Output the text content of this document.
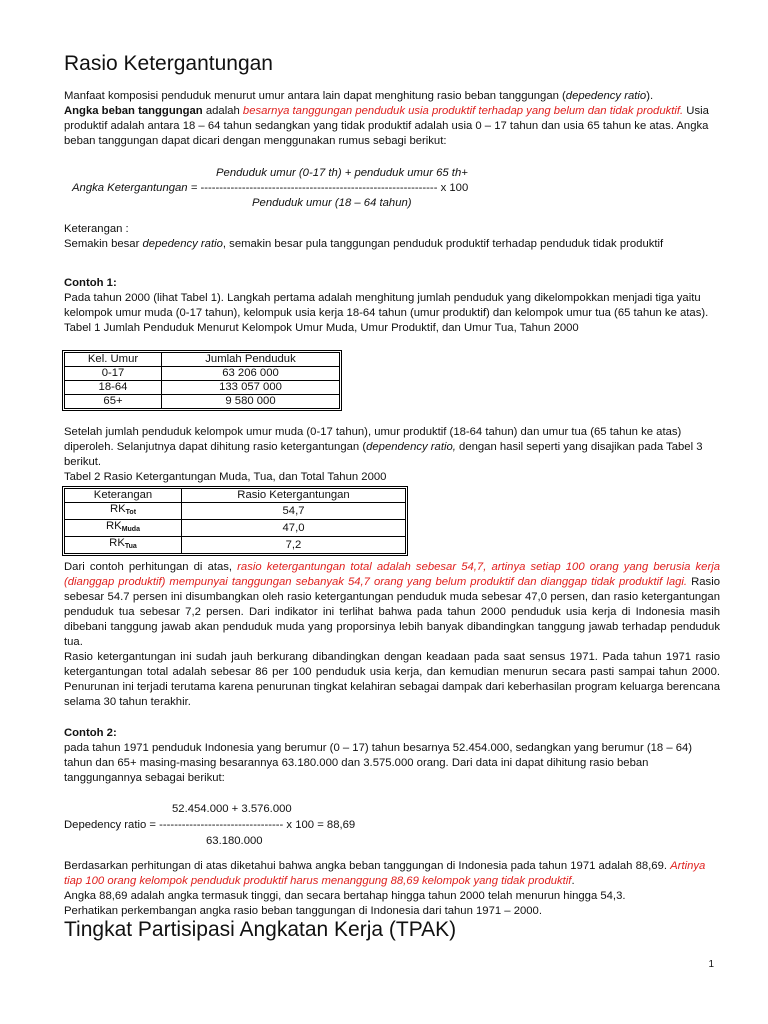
Rasio Ketergantungan

Manfaat komposisi penduduk menurut umur antara lain dapat menghitung rasio beban tanggungan (depedency ratio).

Angka beban tanggungan adalah besarnya tanggungan penduduk usia produktif terhadap yang belum dan tidak produktif. Usia produktif adalah antara 18 – 64 tahun sedangkan yang tidak produktif adalah usia 0 – 17 tahun dan usia 65 tahun ke atas. Angka beban tanggungan dapat dicari dengan menggunakan rumus sebagi berikut:

Penduduk umur (0-17 th) + penduduk umur 65 th+
Angka Ketergantungan = --------------------------------------------------------------- x 100
Penduduk umur (18 – 64 tahun)

Keterangan :

Semakin besar depedency ratio, semakin besar pula tanggungan penduduk produktif terhadap penduduk tidak produktif

Contoh 1:

Pada tahun 2000 (lihat Tabel 1). Langkah pertama adalah menghitung jumlah penduduk yang dikelompokkan menjadi tiga yaitu kelompok umur muda (0-17 tahun), kelompuk usia kerja 18-64 tahun (umur produktif) dan kelompok umur tua (65 tahun ke atas).

Tabel 1 Jumlah Penduduk Menurut Kelompok Umur Muda, Umur Produktif, dan Umur Tua, Tahun 2000

Kel. Umur	Jumlah Penduduk
0-17	63 206 000
18-64	133 057 000
65+	9 580 000

Setelah jumlah penduduk kelompok umur muda (0-17 tahun), umur produktif (18-64 tahun) dan umur tua (65 tahun ke atas) diperoleh. Selanjutnya dapat dihitung rasio ketergantungan (dependency ratio, dengan hasil seperti yang disajikan pada Tabel 3 berikut.

Tabel 2 Rasio Ketergantungan Muda, Tua, dan Total Tahun 2000

Keterangan	Rasio Ketergantungan
$RK_{Tot}$	54,7
$RK_{Muda}$	47,0
$RK_{Tua}$	7,2

Dari contoh perhitungan di atas, rasio ketergantungan total adalah sebesar 54,7, artinya setiap 100 orang yang berusia kerja (dianggap produktif) mempunyai tanggungan sebanyak 54,7 orang yang belum produktif dan dianggap tidak produktif lagi. Rasio sebesar 54.7 persen ini disumbangkan oleh rasio ketergantungan penduduk muda sebesar 47,0 persen, dan rasio ketergantungan penduduk tua sebesar 7,2 persen. Dari indikator ini terlihat bahwa pada tahun 2000 penduduk usia kerja di Indonesia masih dibebani tanggung jawab akan penduduk muda yang proporsinya lebih banyak dibandingkan tanggung jawab terhadap penduduk tua.

Rasio ketergantungan ini sudah jauh berkurang dibandingkan dengan keadaan pada saat sensus 1971. Pada tahun 1971 rasio ketergantungan total adalah sebesar 86 per 100 penduduk usia kerja, dan kemudian menurun secara pasti sampai tahun 2000. Penurunan ini terjadi terutama karena penurunan tingkat kelahiran sebagai dampak dari keberhasilan program keluarga berencana selama 30 tahun terakhir.

Contoh 2:

pada tahun 1971 penduduk Indonesia yang berumur (0 – 17) tahun besarnya 52.454.000, sedangkan yang berumur (18 – 64) tahun dan 65+ masing-masing besarannya 63.180.000 dan 3.575.000 orang. Dari data ini dapat dihitung rasio beban tanggungannya sebagai berikut:

52.454.000 + 3.576.000
Depedency ratio = --------------------------------- x 100 = 88,69
63.180.000

Berdasarkan perhitungan di atas diketahui bahwa angka beban tanggungan di Indonesia pada tahun 1971 adalah 88,69. Artinya tiap 100 orang kelompok penduduk produktif harus menanggung 88,69 kelompok yang tidak produktif.

Angka 88,69 adalah angka termasuk tinggi, dan secara bertahap hingga tahun 2000 telah menurun hingga 54,3.

Perhatikan perkembangan angka rasio beban tanggungan di Indonesia dari tahun 1971 – 2000.

Tingkat Partisipasi Angkatan Kerja (TPAK)
1
